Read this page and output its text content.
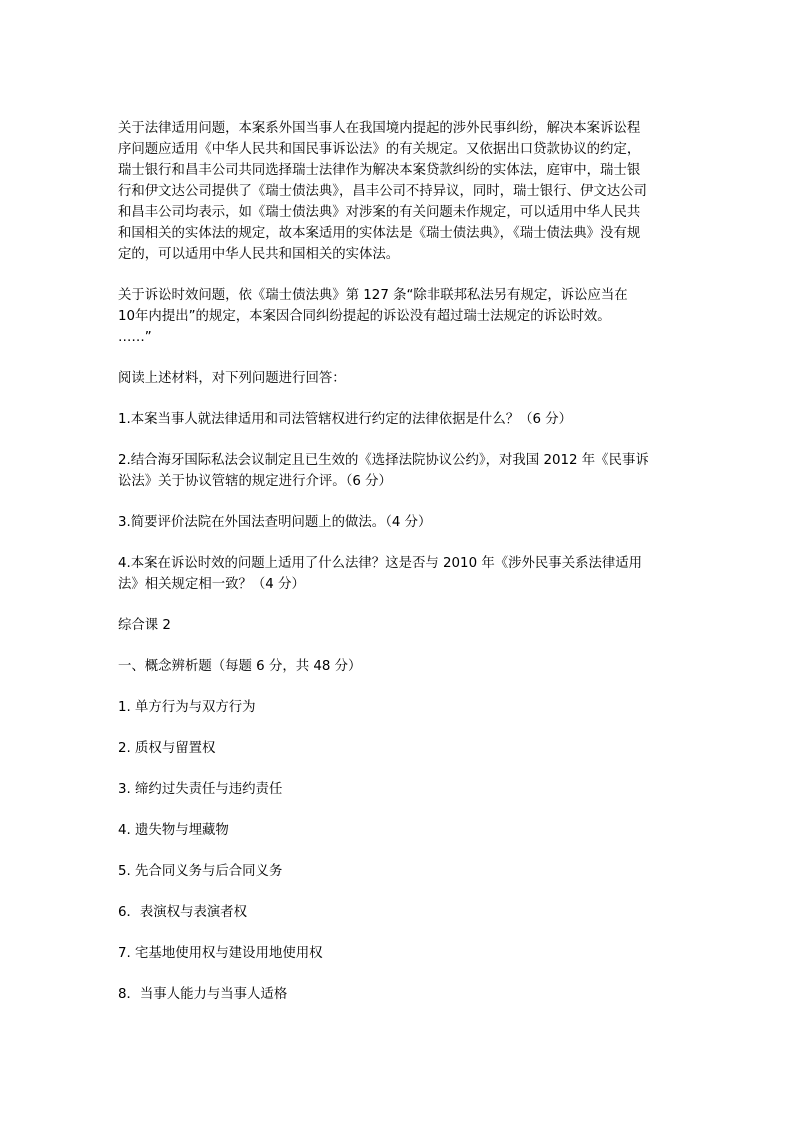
关于法律适用问题，本案系外国当事人在我国境内提起的涉外民事纠纷，解决本案诉讼程
序问题应适用《中华人民共和国民事诉讼法》的有关规定。又依据出口贷款协议的约定，
瑞士银行和昌丰公司共同选择瑞士法律作为解决本案贷款纠纷的实体法，庭审中，瑞士银
行和伊文达公司提供了《瑞士债法典》，昌丰公司不持异议，同时，瑞士银行、伊文达公司
和昌丰公司均表示，如《瑞士债法典》对涉案的有关问题未作规定，可以适用中华人民共
和国相关的实体法的规定，故本案适用的实体法是《瑞士债法典》，《瑞士债法典》没有规
定的，可以适用中华人民共和国相关的实体法。
关于诉讼时效问题，依《瑞士债法典》第 127 条“除非联邦私法另有规定，诉讼应当在
10年内提出”的规定，本案因合同纠纷提起的诉讼没有超过瑞士法规定的诉讼时效。
……”

阅读上述材料，对下列问题进行回答：

1.本案当事人就法律适用和司法管辖权进行约定的法律依据是什么？（6 分）
2.结合海牙国际私法会议制定且已生效的《选择法院协议公约》，对我国 2012 年《民事诉
讼法》关于协议管辖的规定进行介评。（6 分）
3.简要评价法院在外国法查明问题上的做法。（4 分）
4.本案在诉讼时效的问题上适用了什么法律？这是否与 2010 年《涉外民事关系法律适用
法》相关规定相一致？（4 分）

综合课 2

一、概念辨析题（每题 6 分，共 48 分）

1. 单方行为与双方行为

2. 质权与留置权

3. 缔约过失责任与违约责任

4. 遗失物与埋藏物

5. 先合同义务与后合同义务

6．表演权与表演者权

7. 宅基地使用权与建设用地使用权

8．当事人能力与当事人适格
